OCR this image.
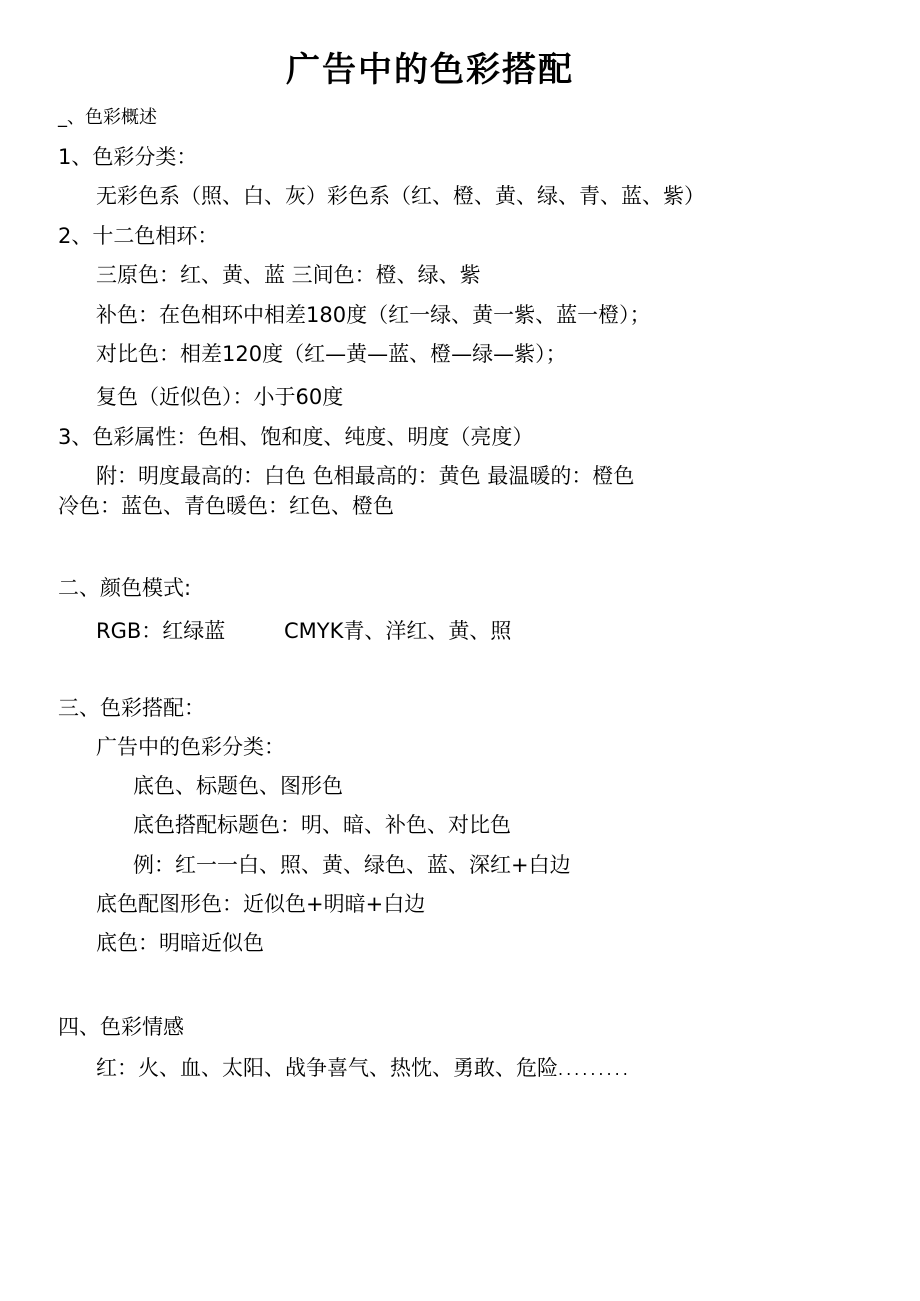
广告中的色彩搭配
_、色彩概述
1、色彩分类：
无彩色系（照、白、灰）彩色系（红、橙、黄、绿、青、蓝、紫）
2、十二色相环：
三原色：红、黄、蓝 三间色：橙、绿、紫
补色：在色相环中相差180度（红一绿、黄一紫、蓝一橙）；
对比色：相差120度（红—黄—蓝、橙—绿—紫）；
复色（近似色）：小于60度
3、色彩属性：色相、饱和度、纯度、明度（亮度）
附：明度最高的：白色 色相最高的：黄色 最温暖的：橙色
冷色：蓝色、青色暖色：红色、橙色
二、颜色模式:
RGB：红绿蓝	CMYK青、洋红、黄、照
三、色彩搭配：
广告中的色彩分类：
底色、标题色、图形色
底色搭配标题色：明、暗、补色、对比色
例：红一一白、照、黄、绿色、蓝、深红+白边
底色配图形色：近似色+明暗+白边
底色：明暗近似色
四、色彩情感
红：火、血、太阳、战争喜气、热忱、勇敢、危险.........
